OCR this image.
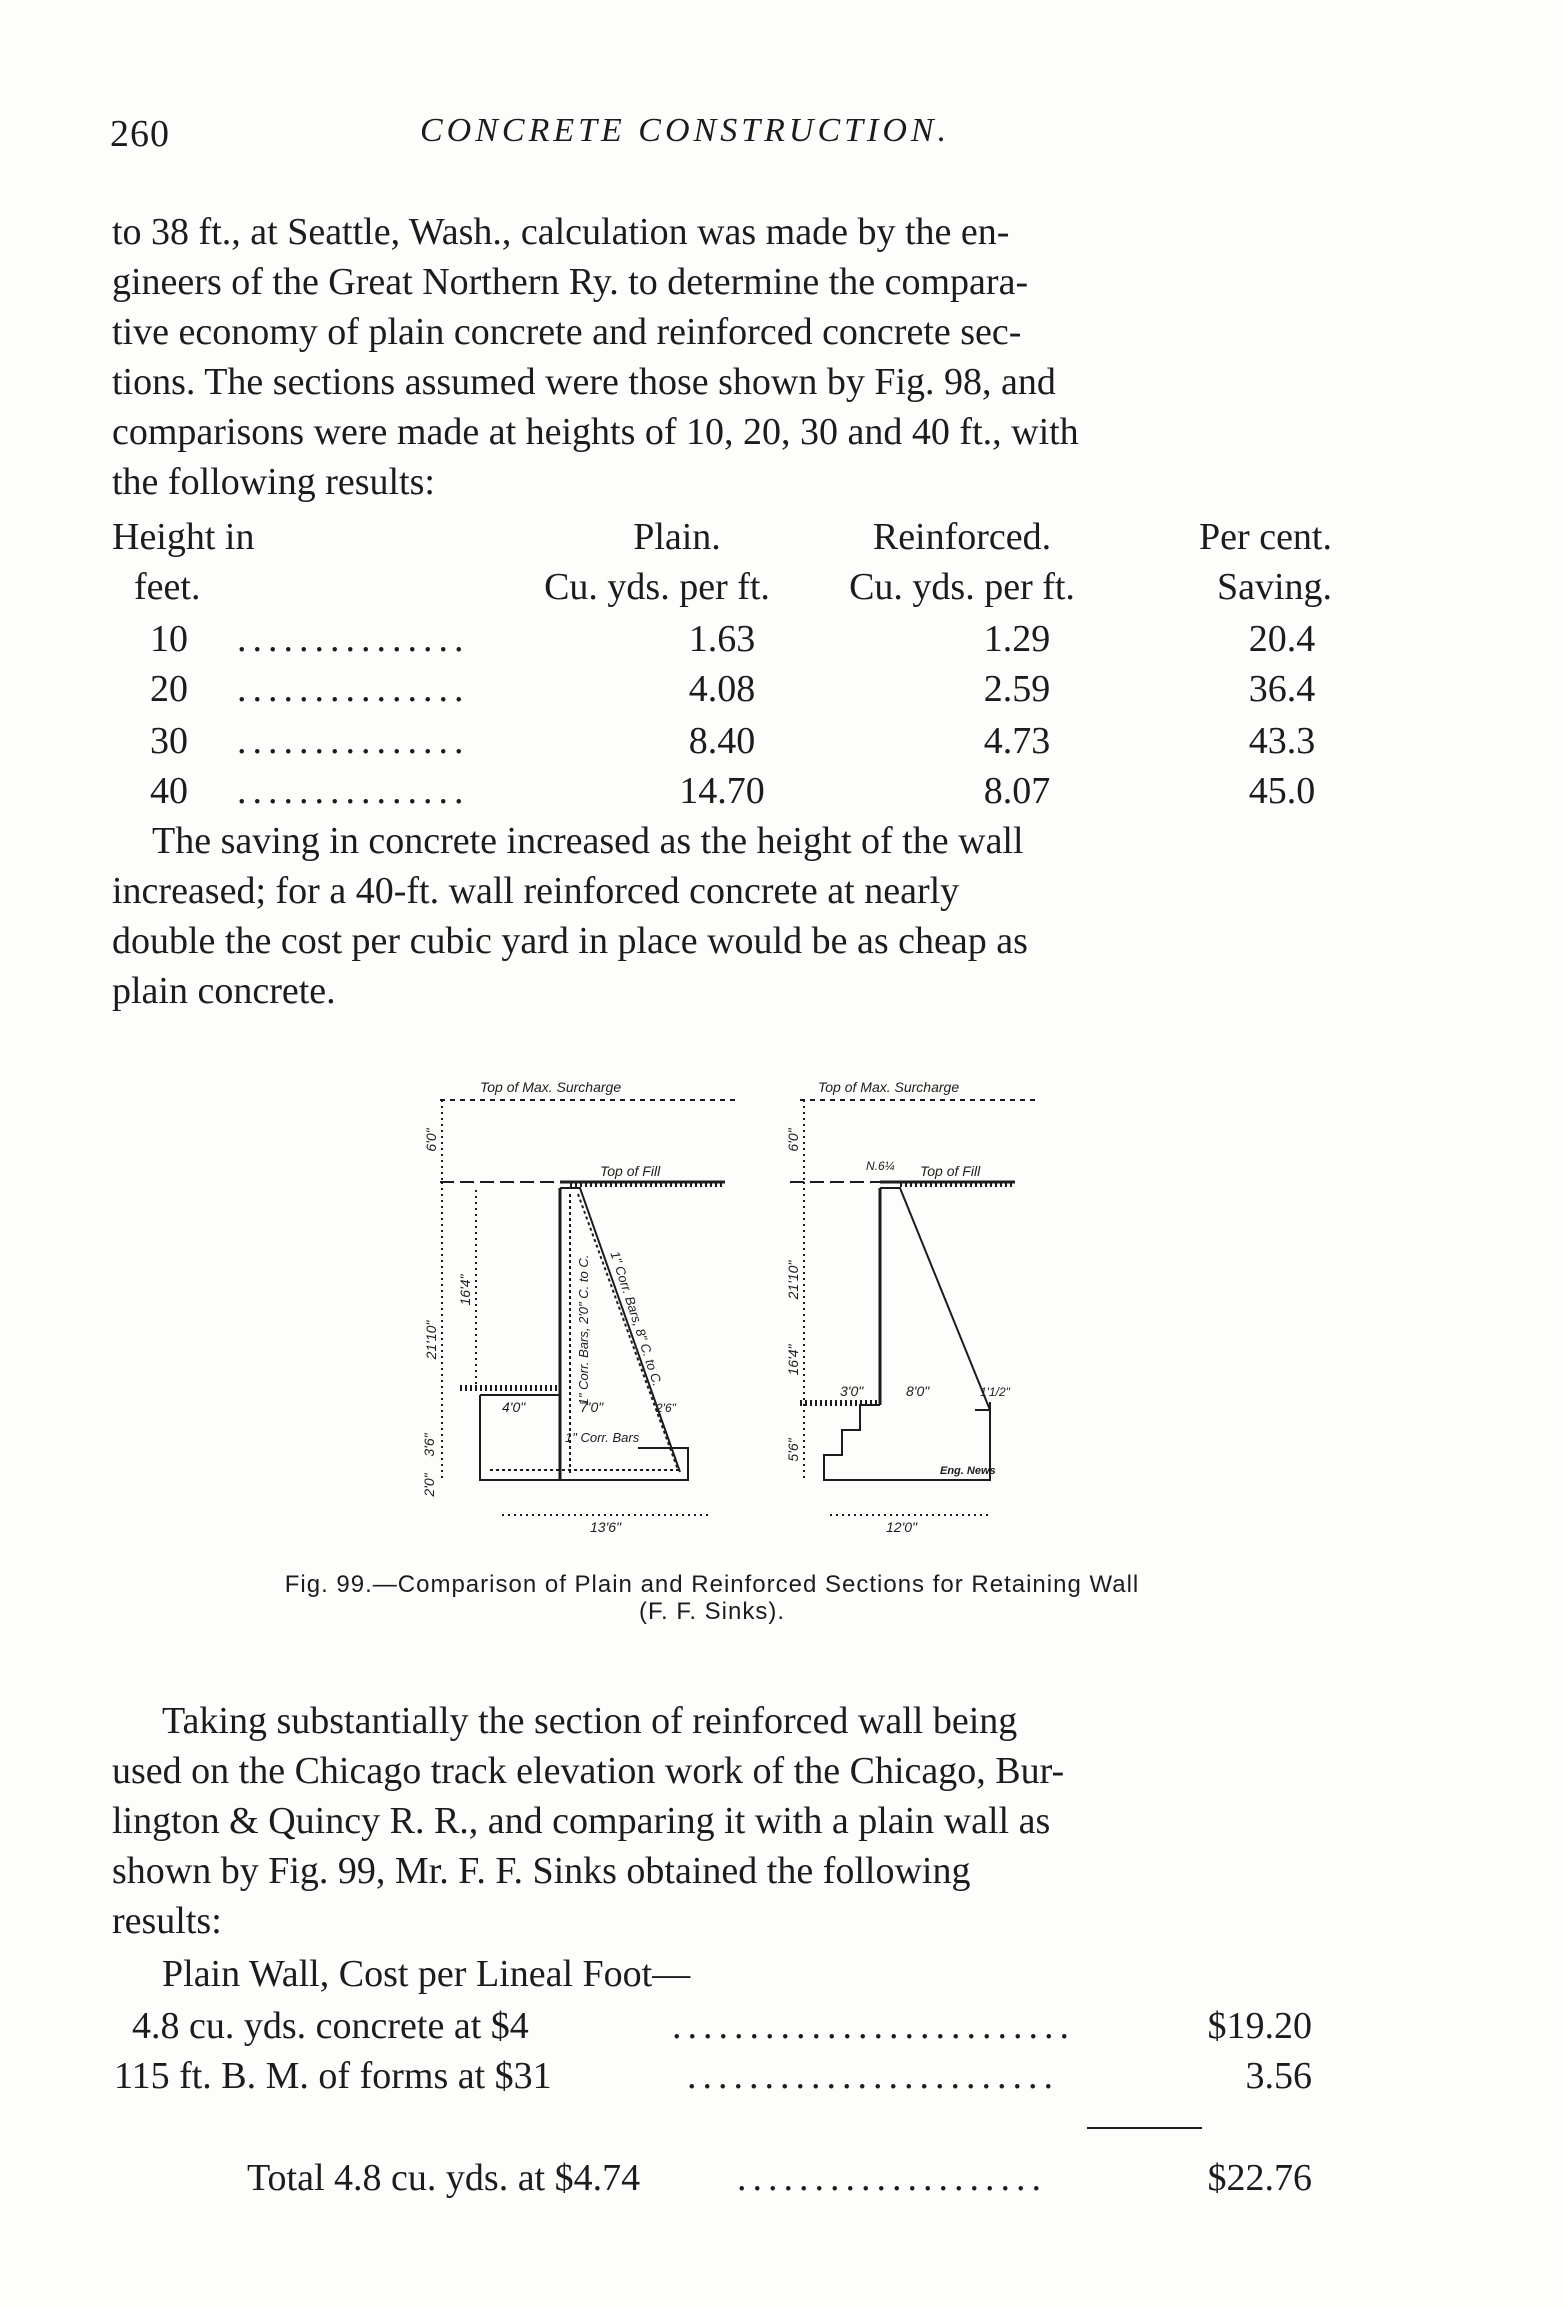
260	CONCRETE CONSTRUCTION.
to 38 ft., at Seattle, Wash., calculation was made by the en-
gineers of the Great Northern Ry. to determine the compara-
tive economy of plain concrete and reinforced concrete sec-
tions. The sections assumed were those shown by Fig. 98, and
comparisons were made at heights of 10, 20, 30 and 40 ft., with
the following results:
Height in	Plain.	Reinforced.	Per cent.
feet.	Cu. yds. per ft.	Cu. yds. per ft.	Saving.
10 ...............	1.63	1.29	20.4
20 ...............	4.08	2.59	36.4
30 ...............	8.40	4.73	43.3
40 ...............	14.70	8.07	45.0
The saving in concrete increased as the height of the wall
increased; for a 40-ft. wall reinforced concrete at nearly
double the cost per cubic yard in place would be as cheap as
plain concrete.
Top of Max. Surcharge
Top of Fill
6'0"
21'10"
16'4"
3'6"
2'0"
1" Corr. Bars, 2'0" C. to C. 1" Corr. Bars, 8" C. to C.
4'0"	7'0"	2'6"
1" Corr. Bars
13'6"
Top of Max. Surcharge
Top of Fill
N.6¼
6'0"
21'10"
16'4"
3'0"	8'0"	1'1/2"
5'6"
Eng. News
12'0"
Fig. 99.—Comparison of Plain and Reinforced Sections for Retaining Wall
(F. F. Sinks).
Taking substantially the section of reinforced wall being
used on the Chicago track elevation work of the Chicago, Bur-
lington & Quincy R. R., and comparing it with a plain wall as
shown by Fig. 99, Mr. F. F. Sinks obtained the following
results:
Plain Wall, Cost per Lineal Foot—
4.8 cu. yds. concrete at $4	..........................	$19.20
115 ft. B. M. of forms at $31	........................	3.56
Total 4.8 cu. yds. at $4.74	....................	$22.76
